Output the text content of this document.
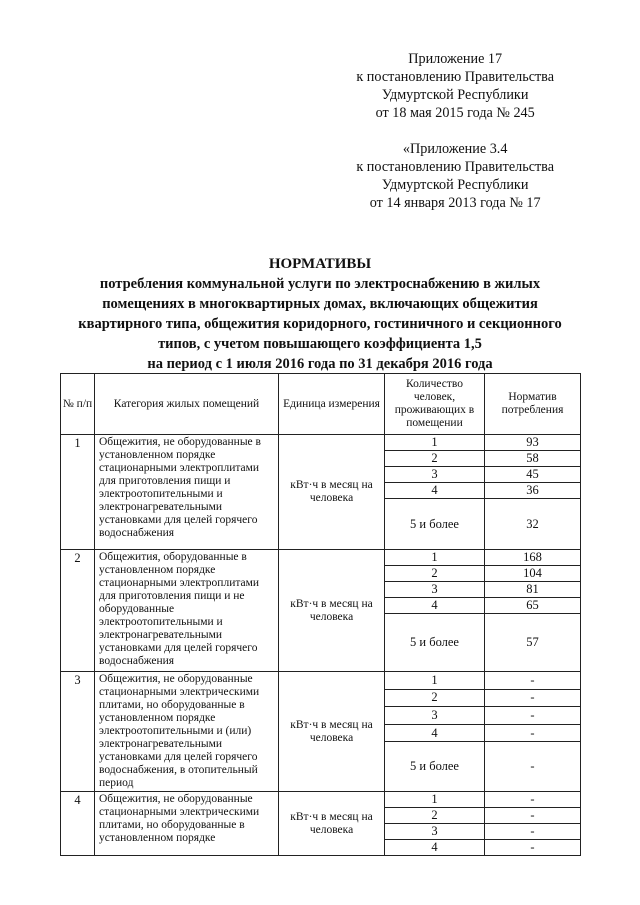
Приложение 17
к постановлению Правительства
Удмуртской Республики
от 18 мая 2015 года № 245
«Приложение 3.4
к постановлению Правительства
Удмуртской Республики
от 14 января 2013 года № 17
НОРМАТИВЫ
потребления коммунальной услуги по электроснабжению в жилых
помещениях в многоквартирных домах, включающих общежития
квартирного типа, общежития коридорного, гостиничного и секционного
типов, с учетом повышающего коэффициента 1,5
на период с 1 июля 2016 года по 31 декабря 2016 года
№ п/п	Категория жилых помещений	Единица измерения	Количество человек, проживающих в помещении	Норматив потребления
1	Общежития, не оборудованные в установленном порядке стационарными электроплитами для приготовления пищи и электроотопительными и электронагревательными установками для целей горячего водоснабжения	кВт·ч в месяц на человека	1	93
			2	58
			3	45
			4	36
			5 и более	32
2	Общежития, оборудованные в установленном порядке стационарными электроплитами для приготовления пищи и не оборудованные электроотопительными и электронагревательными установками для целей горячего водоснабжения	кВт·ч в месяц на человека	1	168
			2	104
			3	81
			4	65
			5 и более	57
3	Общежития, не оборудованные стационарными электрическими плитами, но оборудованные в установленном порядке электроотопительными и (или) электронагревательными установками для целей горячего водоснабжения, в отопительный период	кВт·ч в месяц на человека	1	-
			2	-
			3	-
			4	-
			5 и более	-
4	Общежития, не оборудованные стационарными электрическими плитами, но оборудованные в установленном порядке	кВт·ч в месяц на человека	1	-
			2	-
			3	-
			4	-
